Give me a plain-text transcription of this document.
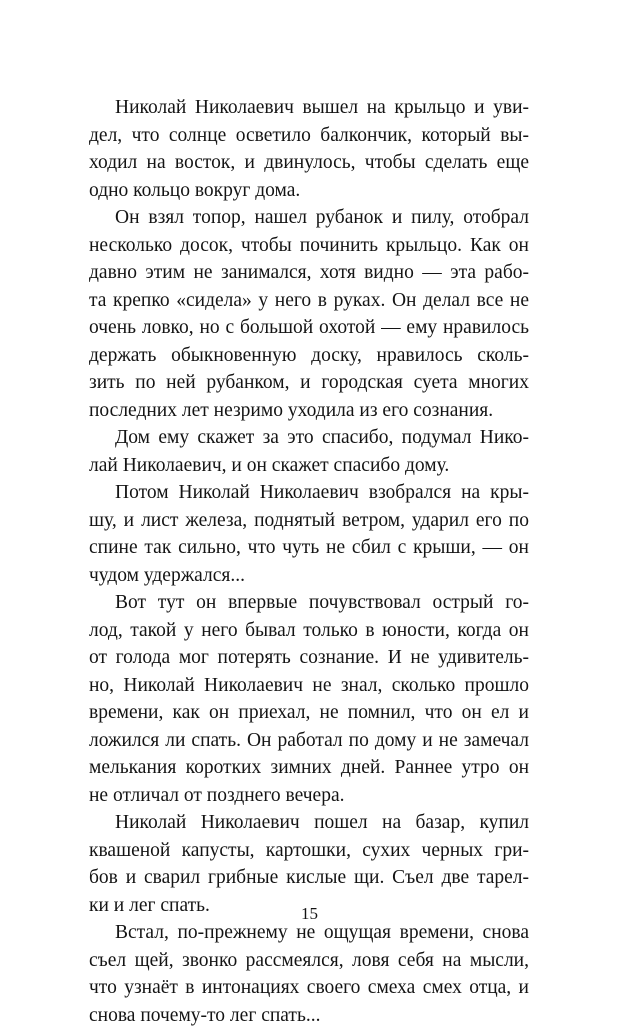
Николай Николаевич вышел на крыльцо и уви-
дел, что солнце осветило балкончик, который вы-
ходил на восток, и двинулось, чтобы сделать еще
одно кольцо вокруг дома.
Он взял топор, нашел рубанок и пилу, отобрал
несколько досок, чтобы починить крыльцо. Как он
давно этим не занимался, хотя видно — эта рабо-
та крепко «сидела» у него в руках. Он делал все не
очень ловко, но с большой охотой — ему нравилось
держать обыкновенную доску, нравилось сколь-
зить по ней рубанком, и городская суета многих
последних лет незримо уходила из его сознания.
Дом ему скажет за это спасибо, подумал Нико-
лай Николаевич, и он скажет спасибо дому.
Потом Николай Николаевич взобрался на кры-
шу, и лист железа, поднятый ветром, ударил его по
спине так сильно, что чуть не сбил с крыши, — он
чудом удержался...
Вот тут он впервые почувствовал острый го-
лод, такой у него бывал только в юности, когда он
от голода мог потерять сознание. И не удивитель-
но, Николай Николаевич не знал, сколько прошло
времени, как он приехал, не помнил, что он ел и
ложился ли спать. Он работал по дому и не замечал
мелькания коротких зимних дней. Раннее утро он
не отличал от позднего вечера.
Николай Николаевич пошел на базар, купил
квашеной капусты, картошки, сухих черных гри-
бов и сварил грибные кислые щи. Съел две тарел-
ки и лег спать.
Встал, по-прежнему не ощущая времени, снова
съел щей, звонко рассмеялся, ловя себя на мысли,
что узнаёт в интонациях своего смеха смех отца, и
снова почему-то лег спать...
15
